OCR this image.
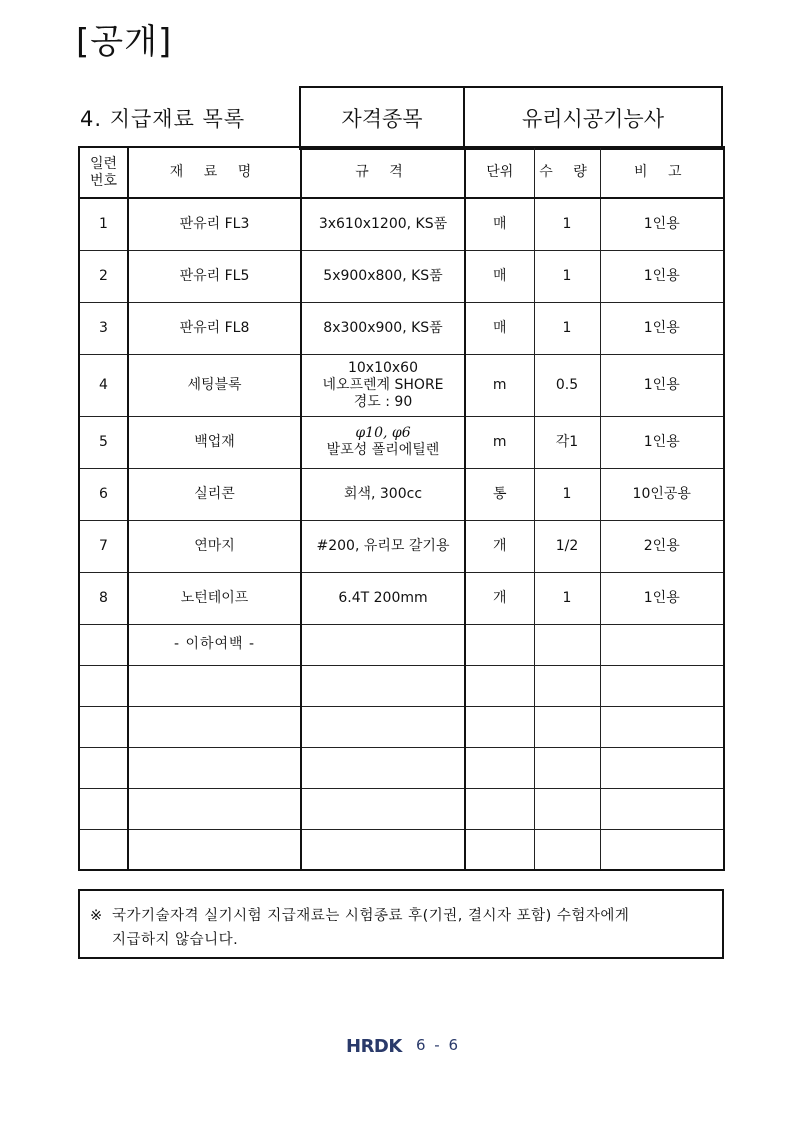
[공개]
4. 지급재료 목록	자격종목	유리시공기능사
일련
번호	재 료 명	규 격	단위	수 량	비 고
1	판유리 FL3	3x610x1200, KS품	매	1	1인용
2	판유리 FL5	5x900x800, KS품	매	1	1인용
3	판유리 FL8	8x300x900, KS품	매	1	1인용
4	세팅블록	10x10x60
네오프렌계 SHORE
경도 : 90	m	0.5	1인용
5	백업재	φ10, φ6
발포성 폴리에틸렌	m	각1	1인용
6	실리콘	회색, 300cc	통	1	10인공용
7	연마지	#200, 유리모 갈기용	개	1/2	2인용
8	노턴테이프	6.4T 200mm	개	1	1인용
	- 이하여백 -				

※ 국가기술자격 실기시험 지급재료는 시험종료 후(기권, 결시자 포함) 수험자에게
지급하지 않습니다.
HRDK 6 - 6
